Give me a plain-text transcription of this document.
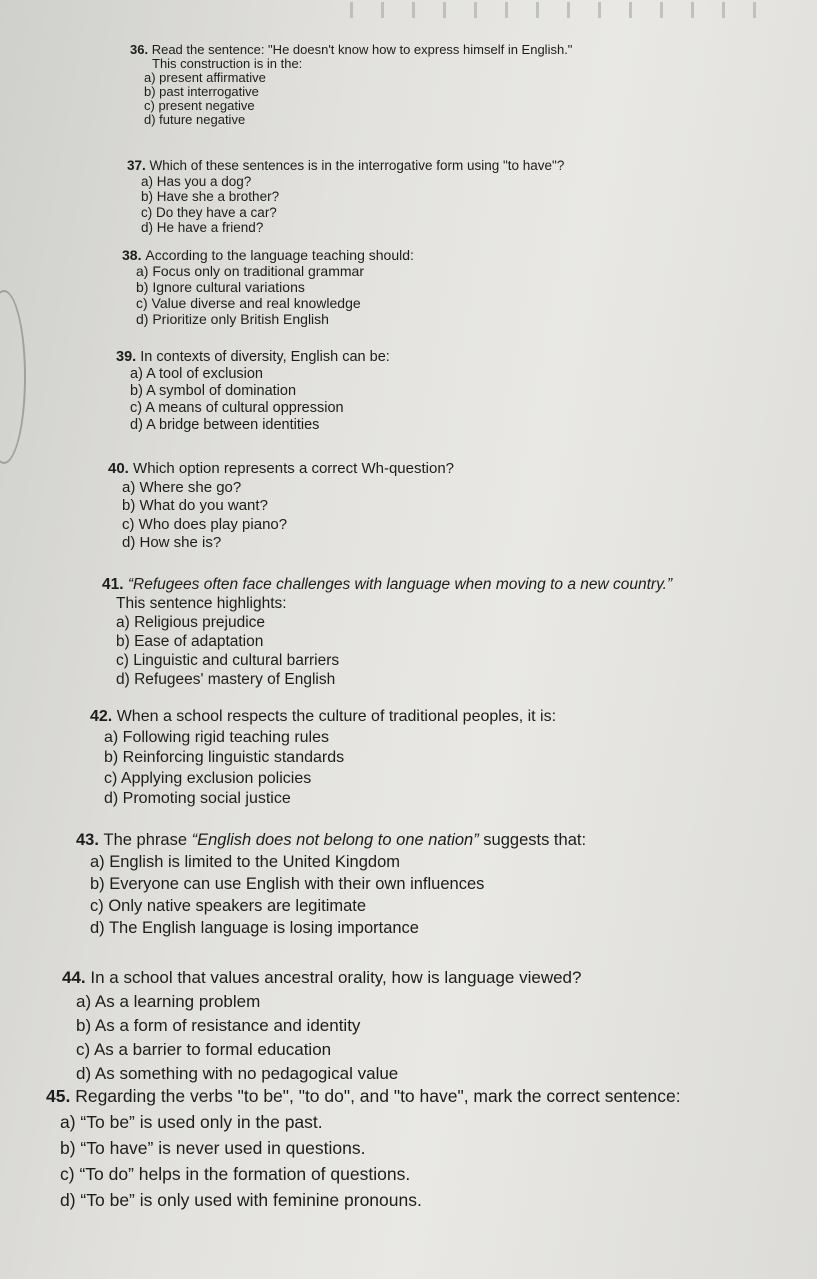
36. Read the sentence: "He doesn't know how to express himself in English."
This construction is in the:
a) present affirmative
b) past interrogative
c) present negative
d) future negative
37. Which of these sentences is in the interrogative form using "to have"?
a) Has you a dog?
b) Have she a brother?
c) Do they have a car?
d) He have a friend?
38. According to the language teaching should:
a) Focus only on traditional grammar
b) Ignore cultural variations
c) Value diverse and real knowledge
d) Prioritize only British English
39. In contexts of diversity, English can be:
a) A tool of exclusion
b) A symbol of domination
c) A means of cultural oppression
d) A bridge between identities
40. Which option represents a correct Wh-question?
a) Where she go?
b) What do you want?
c) Who does play piano?
d) How she is?
41. “Refugees often face challenges with language when moving to a new country.”
This sentence highlights:
a) Religious prejudice
b) Ease of adaptation
c) Linguistic and cultural barriers
d) Refugees' mastery of English
42. When a school respects the culture of traditional peoples, it is:
a) Following rigid teaching rules
b) Reinforcing linguistic standards
c) Applying exclusion policies
d) Promoting social justice
43. The phrase “English does not belong to one nation” suggests that:
a) English is limited to the United Kingdom
b) Everyone can use English with their own influences
c) Only native speakers are legitimate
d) The English language is losing importance
44. In a school that values ancestral orality, how is language viewed?
a) As a learning problem
b) As a form of resistance and identity
c) As a barrier to formal education
d) As something with no pedagogical value
45. Regarding the verbs "to be", "to do", and "to have", mark the correct sentence:
a) “To be” is used only in the past.
b) “To have” is never used in questions.
c) “To do” helps in the formation of questions.
d) “To be” is only used with feminine pronouns.
